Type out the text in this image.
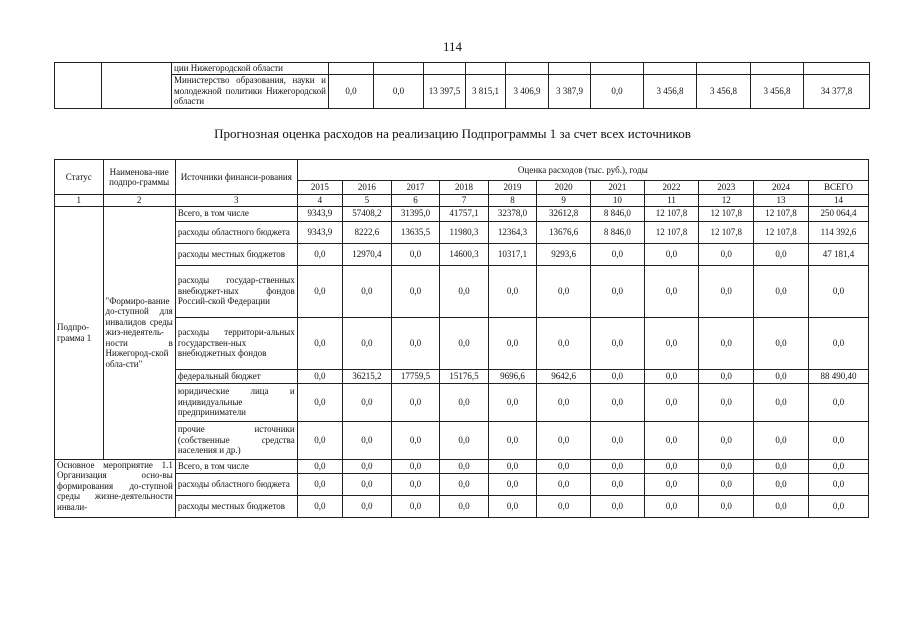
114
		ции Нижегородской области											
		Министерство образования, науки и молодежной политики Нижегородской области	0,0	0,0	13 397,5	3 815,1	3 406,9	3 387,9	0,0	3 456,8	3 456,8	3 456,8	34 377,8
Прогнозная оценка расходов на реализацию Подпрограммы 1 за счет всех источников
Статус	Наименова-ние подпро-граммы	Источники финанси-рования	Оценка расходов (тыс. руб.), годы										
			2015	2016	2017	2018	2019	2020	2021	2022	2023	2024	ВСЕГО
1	2	3	4	5	6	7	8	9	10	11	12	13	14
Подпро-грамма 1	"Формиро-вание до-ступной для инвалидов среды жиз-недеятель-ности в Нижегород-ской обла-сти"	Всего, в том числе	9343,9	57408,2	31395,0	41757,1	32378,0	32612,8	8 846,0	12 107,8	12 107,8	12 107,8	250 064,4
		расходы областного бюджета	9343,9	8222,6	13635,5	11980,3	12364,3	13676,6	8 846,0	12 107,8	12 107,8	12 107,8	114 392,6
		расходы местных бюджетов	0,0	12970,4	0,0	14600,3	10317,1	9293,6	0,0	0,0	0,0	0,0	47 181,4
		расходы государ-ственных внебюджет-ных фондов Россий-ской Федерации	0,0	0,0	0,0	0,0	0,0	0,0	0,0	0,0	0,0	0,0	0,0
		расходы территори-альных государствен-ных внебюджетных фондов	0,0	0,0	0,0	0,0	0,0	0,0	0,0	0,0	0,0	0,0	0,0
		федеральный бюджет	0,0	36215,2	17759,5	15176,5	9696,6	9642,6	0,0	0,0	0,0	0,0	88 490,40
		юридические лица и индивидуальные предприниматели	0,0	0,0	0,0	0,0	0,0	0,0	0,0	0,0	0,0	0,0	0,0
		прочие источники (собственные средства населения и др.)	0,0	0,0	0,0	0,0	0,0	0,0	0,0	0,0	0,0	0,0	0,0
Основное мероприятие 1.1 Организация осно-вы формирования до-ступной среды жизне-деятельности инвали-		Всего, в том числе	0,0	0,0	0,0	0,0	0,0	0,0	0,0	0,0	0,0	0,0	0,0
		расходы областного бюджета	0,0	0,0	0,0	0,0	0,0	0,0	0,0	0,0	0,0	0,0	0,0
		расходы местных бюджетов	0,0	0,0	0,0	0,0	0,0	0,0	0,0	0,0	0,0	0,0	0,0
